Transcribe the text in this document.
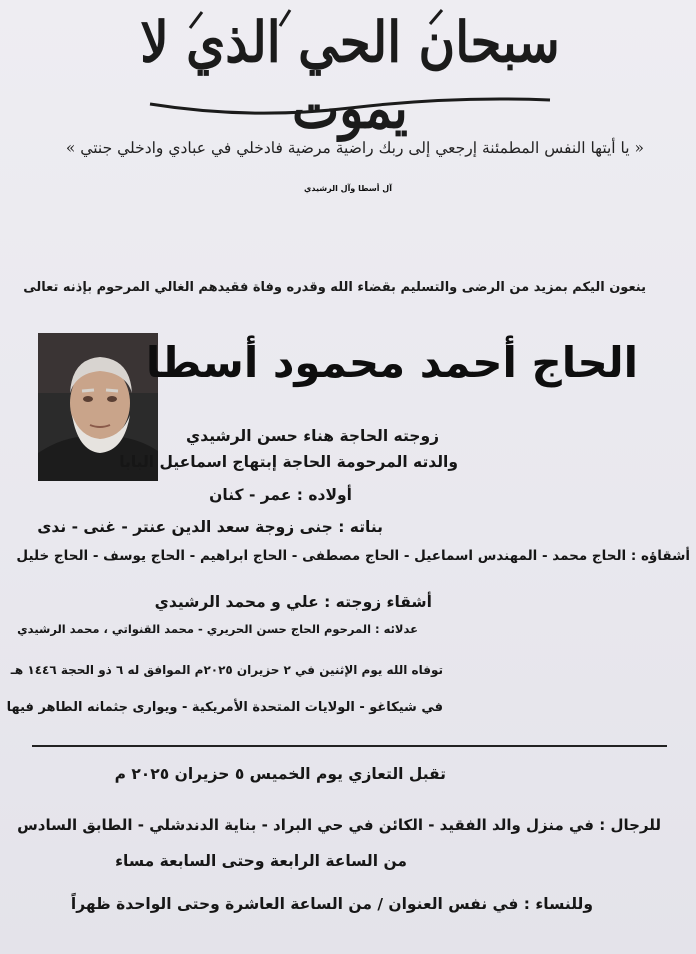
سبحان الحي الذي لا يموت
« يا أيتها النفس المطمئنة إرجعي إلى ربك راضية مرضية فادخلي في عبادي وادخلي جنتي »
آل أسطا وآل الرشيدي
ينعون اليكم بمزيد من الرضى والتسليم بقضاء الله وقدره وفاة فقيدهم الغالي المرحوم بإذنه تعالى
الحاج أحمد محمود أسطا
زوجته الحاجة هناء حسن الرشيدي
والدته المرحومة الحاجة إبتهاج اسماعيل البابا
أولاده : عمر - كنان
بناته : جنى زوجة سعد الدين عنتر - غنى - ندى
أشقاؤه : الحاج محمد - المهندس اسماعيل - الحاج مصطفى - الحاج ابراهيم - الحاج يوسف - الحاج خليل
أشقاء زوجته : علي و محمد الرشيدي
عدلائه : المرحوم الحاج حسن الحريري - محمد القنواتي ، محمد الرشيدي
توفاه الله يوم الإثنين في ٢ حزيران ٢٠٢٥م الموافق له ٦ ذو الحجة ١٤٤٦ هـ
في شيكاغو - الولايات المتحدة الأمريكية - ويوارى جثمانه الطاهر فيها
تقبل التعازي يوم الخميس ٥ حزيران ٢٠٢٥ م
للرجال : في منزل والد الفقيد - الكائن في حي البراد - بناية الدندشلي - الطابق السادس
من الساعة الرابعة وحتى السابعة مساء
وللنساء : في نفس العنوان / من الساعة العاشرة وحتى الواحدة ظهراً
